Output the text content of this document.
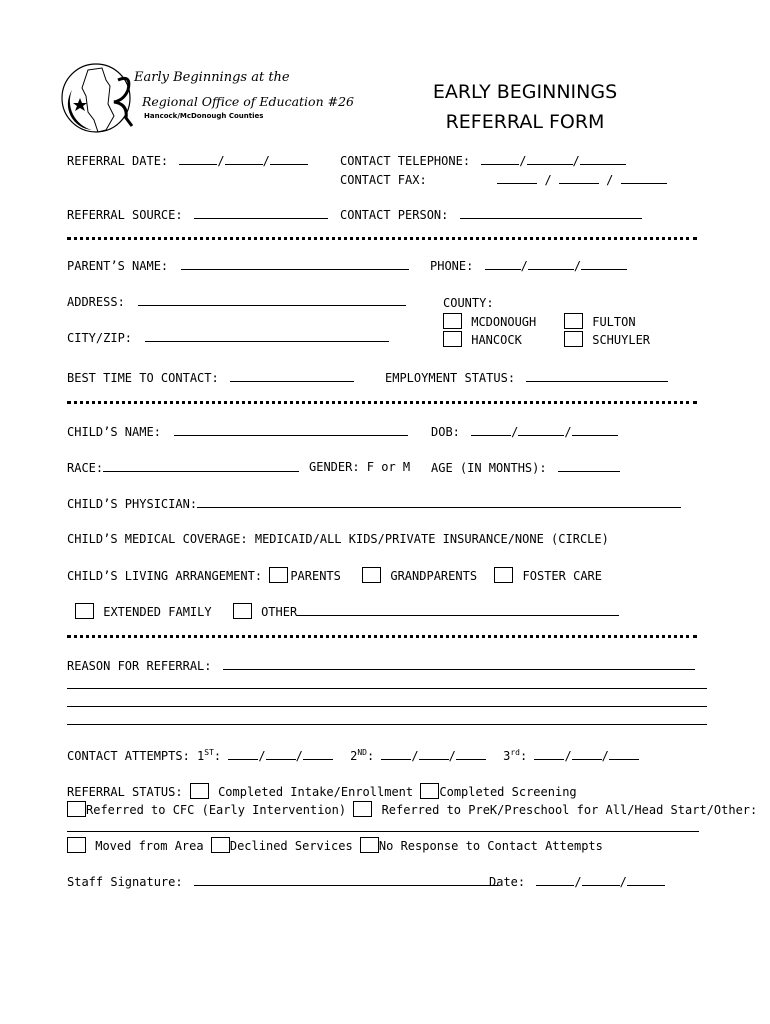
Early Beginnings at the
Regional Office of Education #26
Hancock/McDonough Counties
EARLY BEGINNINGS
REFERRAL FORM
REFERRAL DATE:	/	/	CONTACT TELEPHONE:	/	/
CONTACT FAX:	/	/
REFERRAL SOURCE:	CONTACT PERSON:
PARENT’S NAME:	PHONE:	/	/
ADDRESS:
CITY/ZIP:
COUNTY:
MCDONOUGH	FULTON
HANCOCK	SCHUYLER
BEST TIME TO CONTACT:	EMPLOYMENT STATUS:
CHILD’S NAME:	DOB:	/	/
RACE:	GENDER: F or M AGE (IN MONTHS):
CHILD’S PHYSICIAN:
CHILD’S MEDICAL COVERAGE: MEDICAID/ALL KIDS/PRIVATE INSURANCE/NONE (CIRCLE)
CHILD’S LIVING ARRANGEMENT: PARENTS	GRANDPARENTS	FOSTER CARE
EXTENDED FAMILY	OTHER
REASON FOR REFERRAL:
CONTACT ATTEMPTS: 1ST:	/	/	2ND:	/	/	3rd:	/	/
REFERRAL STATUS:	Completed Intake/Enrollment Completed Screening
Referred to CFC (Early Intervention)	Referred to PreK/Preschool for All/Head Start/Other:
Moved from Area Declined Services No Response to Contact Attempts
Staff Signature:	Date:	/	/
